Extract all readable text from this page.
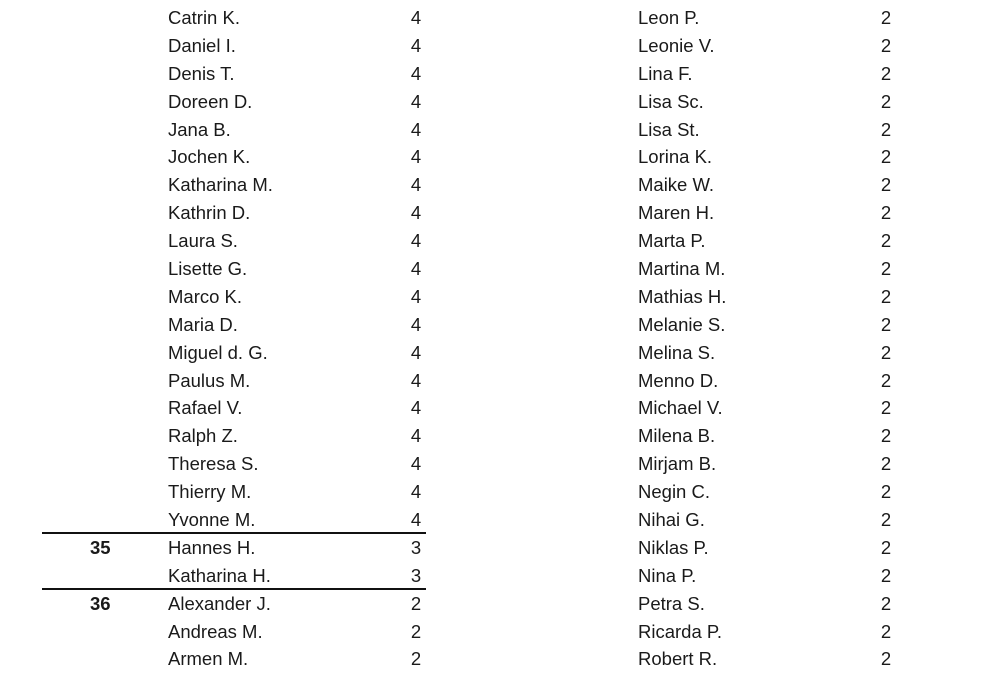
Catrin K.	4
Daniel I.	4
Denis T.	4
Doreen D.	4
Jana B.	4
Jochen K.	4
Katharina M.	4
Kathrin D.	4
Laura S.	4
Lisette G.	4
Marco K.	4
Maria D.	4
Miguel d. G.	4
Paulus M.	4
Rafael V.	4
Ralph Z.	4
Theresa S.	4
Thierry M.	4
Yvonne M.	4
35	Hannes H.	3
Katharina H.	3
36	Alexander J.	2
Andreas M.	2
Armen M.	2
Leon P.	2
Leonie V.	2
Lina F.	2
Lisa Sc.	2
Lisa St.	2
Lorina K.	2
Maike W.	2
Maren H.	2
Marta P.	2
Martina M.	2
Mathias H.	2
Melanie S.	2
Melina S.	2
Menno D.	2
Michael V.	2
Milena B.	2
Mirjam B.	2
Negin C.	2
Nihai G.	2
Niklas P.	2
Nina P.	2
Petra S.	2
Ricarda P.	2
Robert R.	2
